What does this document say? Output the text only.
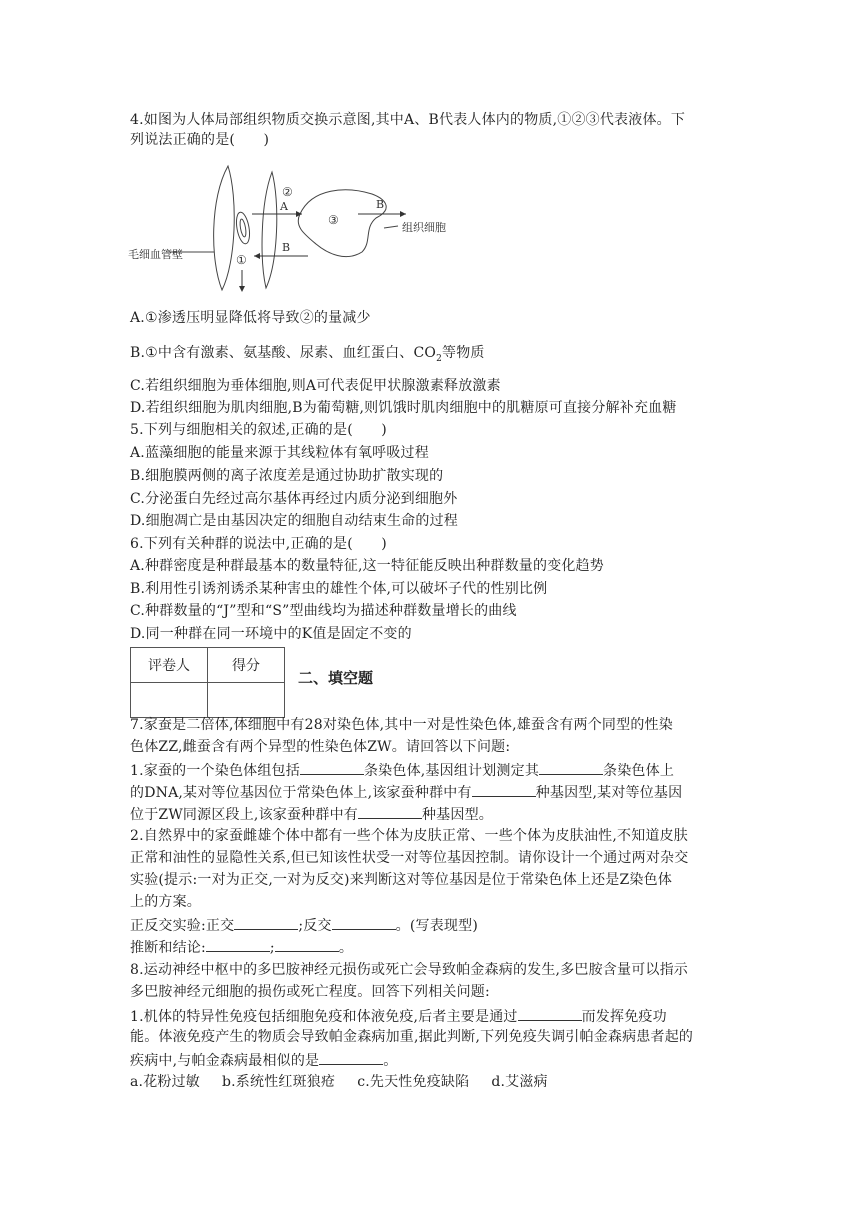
4.如图为人体局部组织物质交换示意图,其中A、B代表人体内的物质,①②③代表液体。下
列说法正确的是(　　)
毛细血管壁
组织细胞
A	B
B
①
②
③
A.①渗透压明显降低将导致②的量减少
B.①中含有激素、氨基酸、尿素、血红蛋白、$CO_2$等物质
C.若组织细胞为垂体细胞,则A可代表促甲状腺激素释放激素
D.若组织细胞为肌肉细胞,B为葡萄糖,则饥饿时肌肉细胞中的肌糖原可直接分解补充血糖
5.下列与细胞相关的叙述,正确的是(　　)
A.蓝藻细胞的能量来源于其线粒体有氧呼吸过程
B.细胞膜两侧的离子浓度差是通过协助扩散实现的
C.分泌蛋白先经过高尔基体再经过内质分泌到细胞外
D.细胞凋亡是由基因决定的细胞自动结束生命的过程
6.下列有关种群的说法中,正确的是(　　)
A.种群密度是种群最基本的数量特征,这一特征能反映出种群数量的变化趋势
B.利用性引诱剂诱杀某种害虫的雄性个体,可以破坏子代的性别比例
C.种群数量的“J”型和“S”型曲线均为描述种群数量增长的曲线
D.同一种群在同一环境中的K值是固定不变的
评卷人	得分

二、填空题
7.家蚕是二倍体,体细胞中有28对染色体,其中一对是性染色体,雄蚕含有两个同型的性染
色体ZZ,雌蚕含有两个异型的性染色体ZW。请回答以下问题:
1.家蚕的一个染色体组包括	条染色体,基因组计划测定其	条染色体上
的DNA,某对等位基因位于常染色体上,该家蚕种群中有	种基因型,某对等位基因
位于ZW同源区段上,该家蚕种群中有	种基因型。
2.自然界中的家蚕雌雄个体中都有一些个体为皮肤正常、一些个体为皮肤油性,不知道皮肤
正常和油性的显隐性关系,但已知该性状受一对等位基因控制。请你设计一个通过两对杂交
实验(提示:一对为正交,一对为反交)来判断这对等位基因是位于常染色体上还是Z染色体
上的方案。
正反交实验:正交	;反交	。(写表现型)
推断和结论:	;	。
8.运动神经中枢中的多巴胺神经元损伤或死亡会导致帕金森病的发生,多巴胺含量可以指示
多巴胺神经元细胞的损伤或死亡程度。回答下列相关问题:
1.机体的特异性免疫包括细胞免疫和体液免疫,后者主要是通过	而发挥免疫功
能。体液免疫产生的物质会导致帕金森病加重,据此判断,下列免疫失调引帕金森病患者起的
疾病中,与帕金森病最相似的是	。
a.花粉过敏 b.系统性红斑狼疮 c.先天性免疫缺陷 d.艾滋病
